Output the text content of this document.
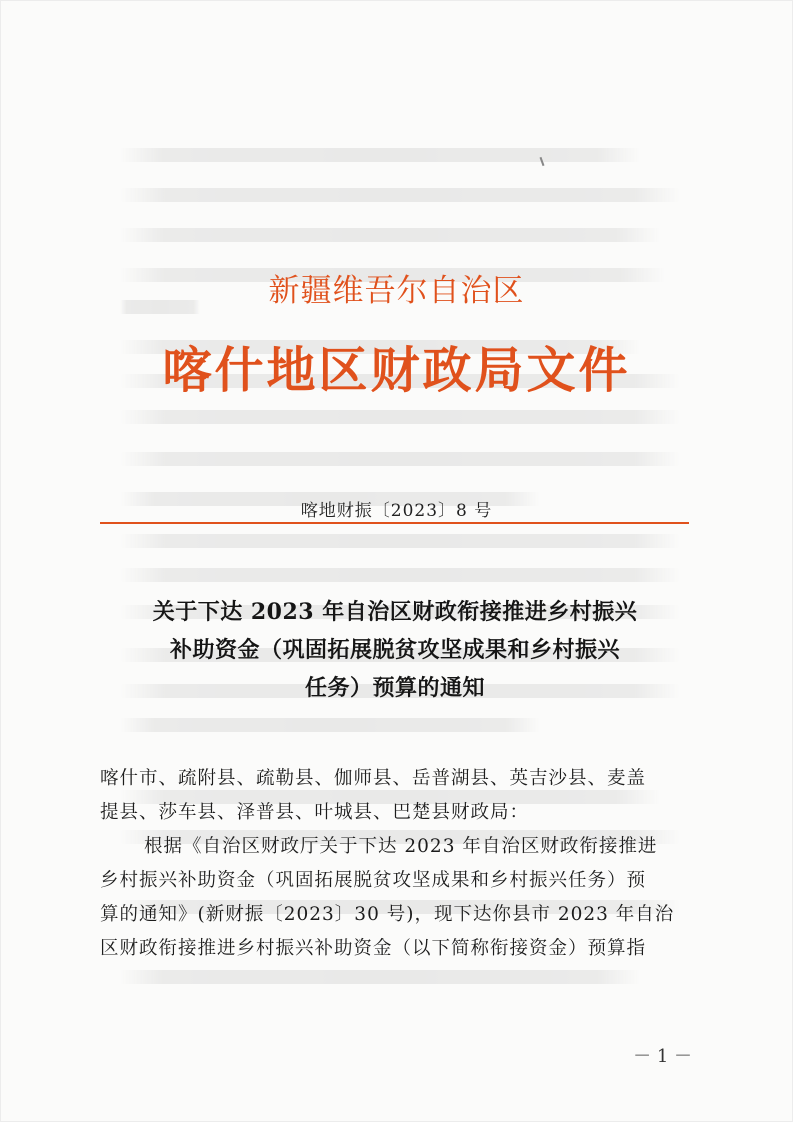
新疆维吾尔自治区
喀什地区财政局文件
喀地财振〔2023〕8 号
关于下达 2023 年自治区财政衔接推进乡村振兴
补助资金（巩固拓展脱贫攻坚成果和乡村振兴
任务）预算的通知
喀什市、疏附县、疏勒县、伽师县、岳普湖县、英吉沙县、麦盖
提县、莎车县、泽普县、叶城县、巴楚县财政局：
根据《自治区财政厅关于下达 2023 年自治区财政衔接推进
乡村振兴补助资金（巩固拓展脱贫攻坚成果和乡村振兴任务）预
算的通知》(新财振〔2023〕30 号)，现下达你县市 2023 年自治
区财政衔接推进乡村振兴补助资金（以下简称衔接资金）预算指
－ 1 －
